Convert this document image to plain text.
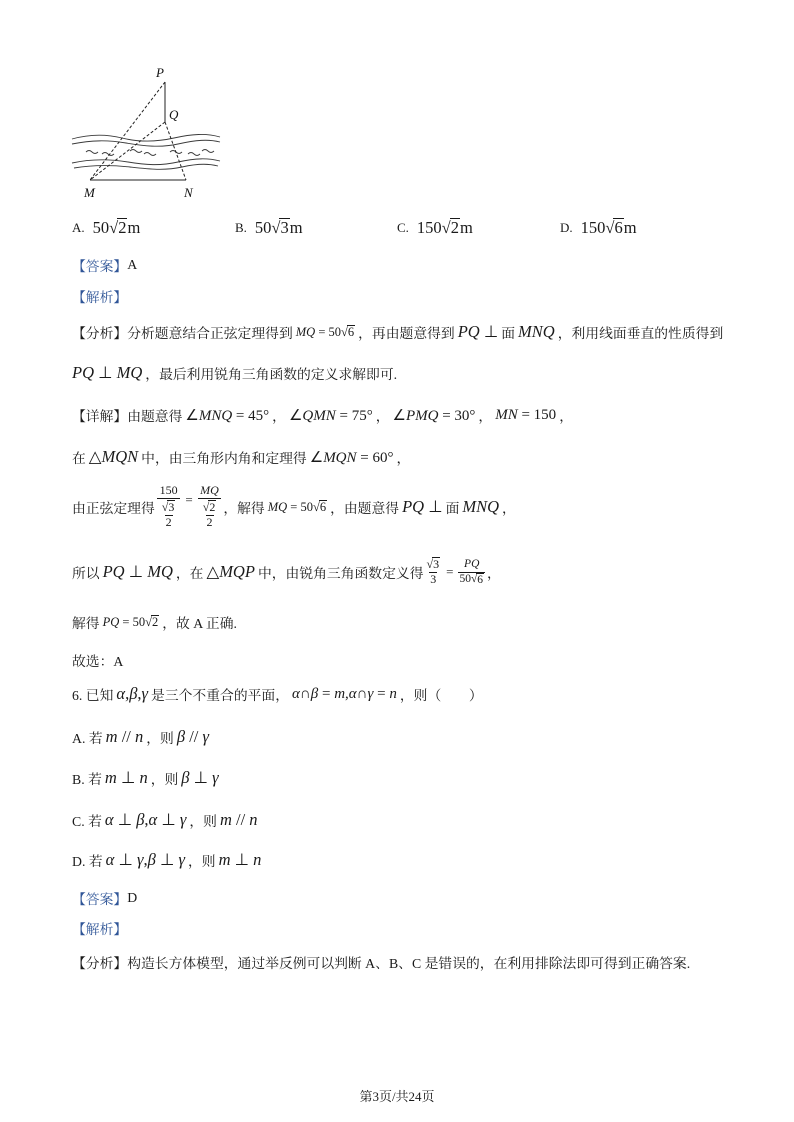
P
Q
M	N
A. 50√2m	B. 50√3m	C. 150√2m	D. 150√6m
【答案】 A
【解析】
【分析】 分析题意结合正弦定理得到 MQ = 50√6 ，再由题意得到 PQ ⊥ 面 MNQ ，利用线面垂直的性质得到
PQ ⊥ MQ ，最后利用锐角三角函数的定义求解即可.
【详解】 由题意得 ∠MNQ = 45° ， ∠QMN = 75° ， ∠PMQ = 30° ， MN = 150 ，
在 △MQN 中，由三角形内角和定理得 ∠MQN = 60° ，
由正弦定理得 $\frac{150}{\frac{√3}{2}} = \frac{MQ}{\frac{√2}{2}}$ ，解得 MQ = 50√6 ，由题意得 PQ ⊥ 面 MNQ ，
所以 PQ ⊥ MQ ，在 △MQP 中，由锐角三角函数定义得 $\frac{√3}{3} = \frac{PQ}{50 √ 6}$ ，
解得 PQ = 50√2 ，故 A 正确.
故选：A
6. 已知 α,β,γ 是三个不重合的平面， α∩β = m,α∩γ = n ，则（　　）
A. 若 m // n ，则 β // γ
B. 若 m ⊥ n ，则 β ⊥ γ
C. 若 α ⊥ β,α ⊥ γ ，则 m // n
D. 若 α ⊥ γ,β ⊥ γ ，则 m ⊥ n
【答案】 D
【解析】
【分析】 构造长方体模型，通过举反例可以判断 A、B、C 是错误的，在利用排除法即可得到正确答案.
第3页/共24页
